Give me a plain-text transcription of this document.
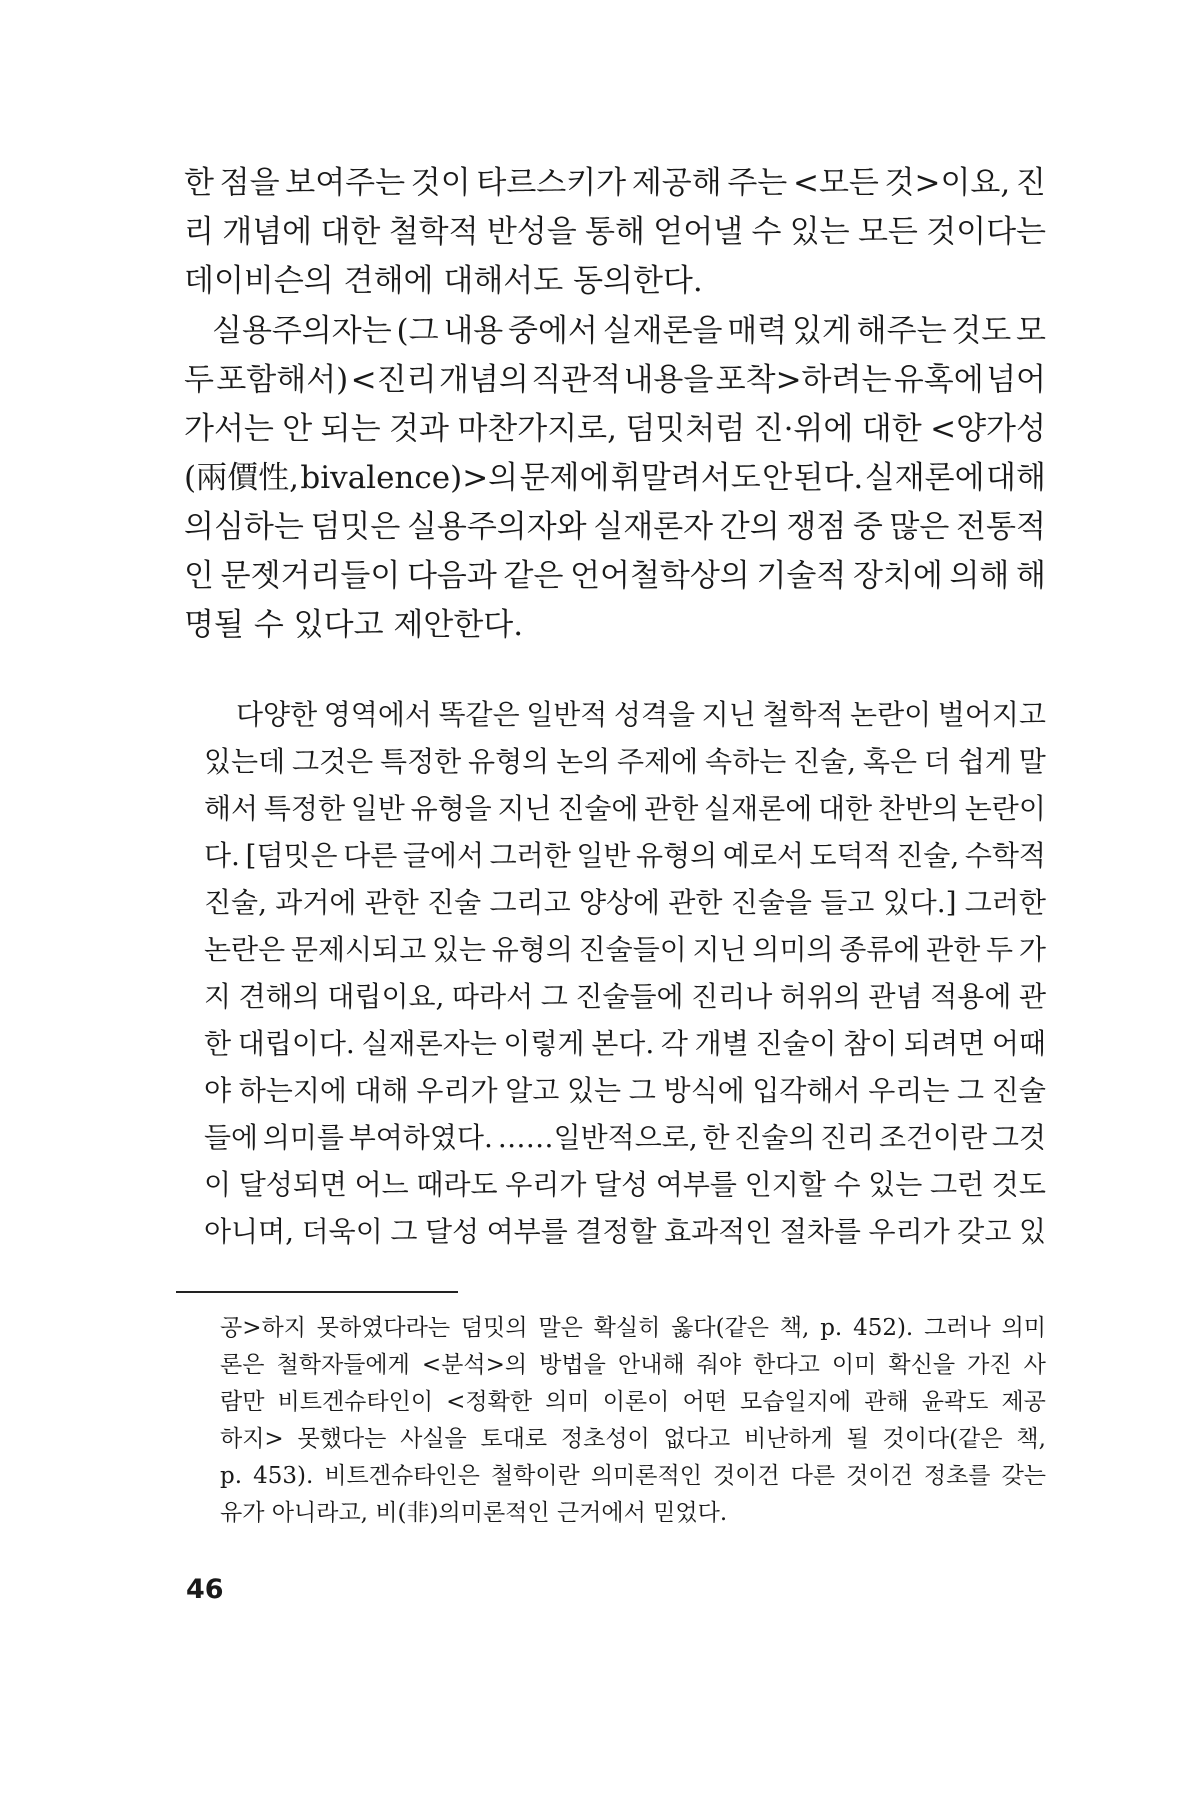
한 점을 보여주는 것이 타르스키가 제공해 주는 <모든 것>이요, 진
리 개념에 대한 철학적 반성을 통해 얻어낼 수 있는 모든 것이다는
데이비슨의 견해에 대해서도 동의한다.
실용주의자는 (그 내용 중에서 실재론을 매력 있게 해주는 것도 모
두 포함해서) <진리 개념의 직관적 내용을 포착>하려는 유혹에 넘어
가서는 안 되는 것과 마찬가지로, 덤밋처럼 진·위에 대한 <양가성
(兩價性, bivalence)>의 문제에 휘말려서도 안 된다. 실재론에 대해
의심하는 덤밋은 실용주의자와 실재론자 간의 쟁점 중 많은 전통적
인 문젯거리들이 다음과 같은 언어철학상의 기술적 장치에 의해 해
명될 수 있다고 제안한다.
다양한 영역에서 똑같은 일반적 성격을 지닌 철학적 논란이 벌어지고
있는데 그것은 특정한 유형의 논의 주제에 속하는 진술, 혹은 더 쉽게 말
해서 특정한 일반 유형을 지닌 진술에 관한 실재론에 대한 찬반의 논란이
다. [덤밋은 다른 글에서 그러한 일반 유형의 예로서 도덕적 진술, 수학적
진술, 과거에 관한 진술 그리고 양상에 관한 진술을 들고 있다.] 그러한
논란은 문제시되고 있는 유형의 진술들이 지닌 의미의 종류에 관한 두 가
지 견해의 대립이요, 따라서 그 진술들에 진리나 허위의 관념 적용에 관
한 대립이다. 실재론자는 이렇게 본다. 각 개별 진술이 참이 되려면 어때
야 하는지에 대해 우리가 알고 있는 그 방식에 입각해서 우리는 그 진술
들에 의미를 부여하였다. ……일반적으로, 한 진술의 진리 조건이란 그것
이 달성되면 어느 때라도 우리가 달성 여부를 인지할 수 있는 그런 것도
아니며, 더욱이 그 달성 여부를 결정할 효과적인 절차를 우리가 갖고 있
공>하지 못하였다라는 덤밋의 말은 확실히 옳다(같은 책, p. 452). 그러나 의미
론은 철학자들에게 <분석>의 방법을 안내해 줘야 한다고 이미 확신을 가진 사
람만 비트겐슈타인이 <정확한 의미 이론이 어떤 모습일지에 관해 윤곽도 제공
하지> 못했다는 사실을 토대로 정초성이 없다고 비난하게 될 것이다(같은 책,
p. 453). 비트겐슈타인은 철학이란 의미론적인 것이건 다른 것이건 정초를 갖는
유가 아니라고, 비(非)의미론적인 근거에서 믿었다.
46
